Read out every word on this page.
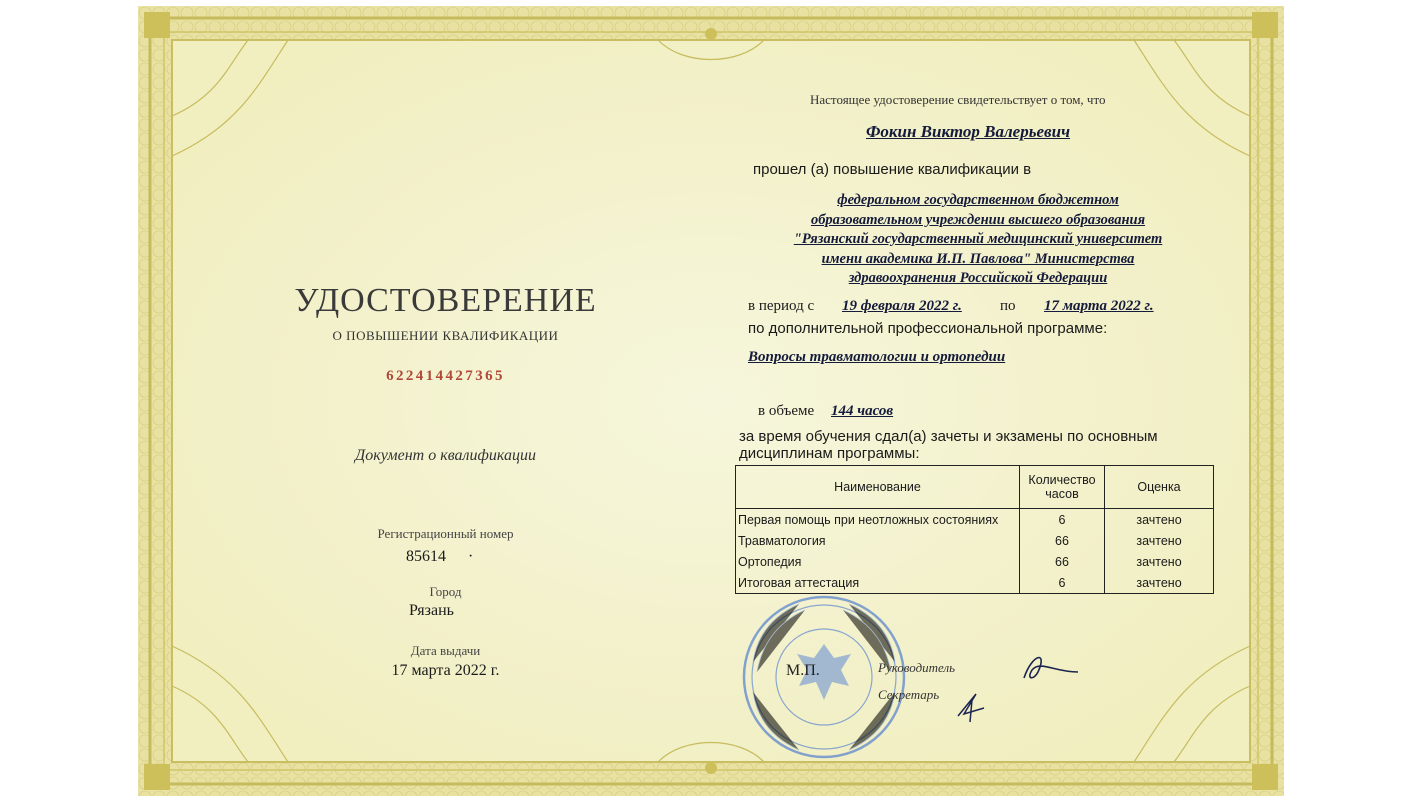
УДОСТОВЕРЕНИЕ
О ПОВЫШЕНИИ КВАЛИФИКАЦИИ
622414427365
Документ о квалификации
Регистрационный номер
85614 ·
Город
Рязань
Дата выдачи
17 марта 2022 г.
Настоящее удостоверение свидетельствует о том, что
Фокин Виктор Валерьевич
прошел (а) повышение квалификации в
федеральном государственном бюджетном
образовательном учреждении высшего образования
"Рязанский государственный медицинский университет
имени академика И.П. Павлова" Министерства
здравоохранения Российской Федерации
в период с 19 февраля 2022 г.	по 17 марта 2022 г.
по дополнительной профессиональной программе:
Вопросы травматологии и ортопедии
в объеме 144 часов
за время обучения сдал(а) зачеты и экзамены по основным
дисциплинам программы:
Наименование	Количество часов	Оценка
Первая помощь при неотложных состояниях	6	зачтено
Травматология	66	зачтено
Ортопедия	66	зачтено
Итоговая аттестация	6	зачтено
М.П.	Руководитель
Секретарь
